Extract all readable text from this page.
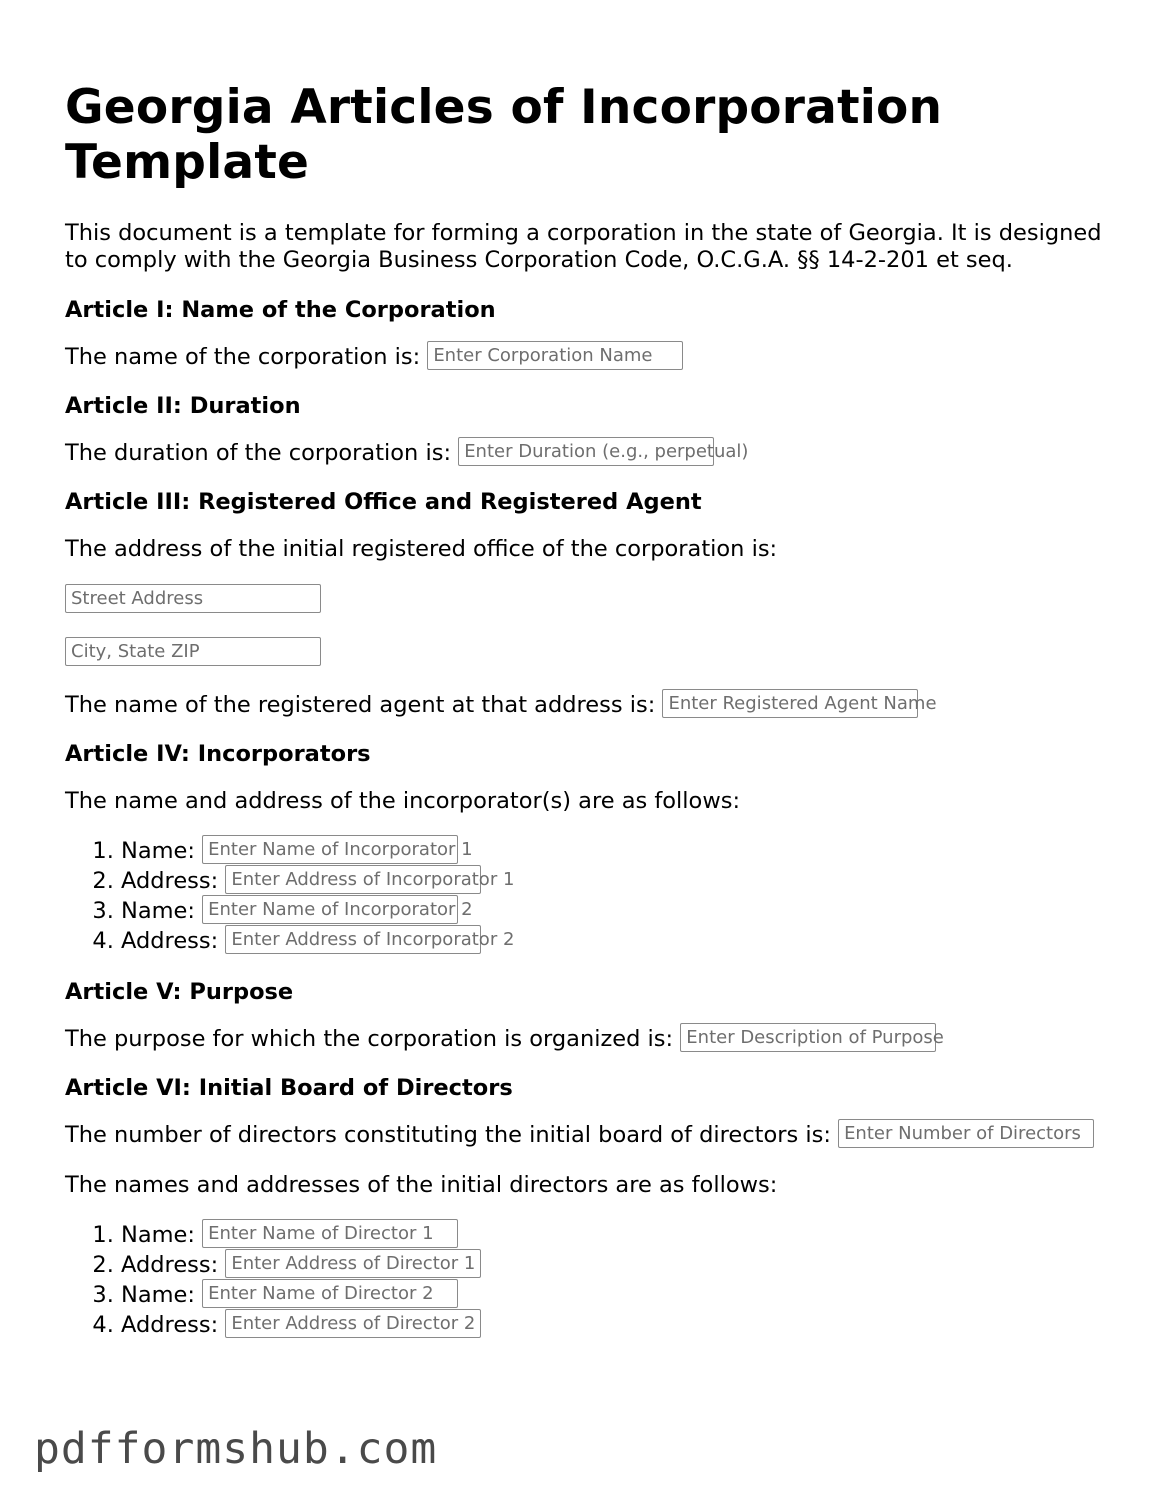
Georgia Articles of Incorporation Template
This document is a template for forming a corporation in the state of Georgia. It is designed to comply with the Georgia Business Corporation Code, O.C.G.A. §§ 14-2-201 et seq.
Article I: Name of the Corporation

The name of the corporation is: Enter Corporation Name

Article II: Duration

The duration of the corporation is: Enter Duration (e.g., perpetual)

Article III: Registered Office and Registered Agent

The address of the initial registered office of the corporation is:

Street Address
City, State ZIP

The name of the registered agent at that address is: Enter Registered Agent Name

Article IV: Incorporators

The name and address of the incorporator(s) are as follows:

1. Name: Enter Name of Incorporator 1
2. Address: Enter Address of Incorporator 1
3. Name: Enter Name of Incorporator 2
4. Address: Enter Address of Incorporator 2
Article V: Purpose

The purpose for which the corporation is organized is: Enter Description of Purpose

Article VI: Initial Board of Directors

The number of directors constituting the initial board of directors is: Enter Number of Directors

The names and addresses of the initial directors are as follows:

1. Name: Enter Name of Director 1
2. Address: Enter Address of Director 1
3. Name: Enter Name of Director 2
4. Address: Enter Address of Director 2
pdfformshub.com
